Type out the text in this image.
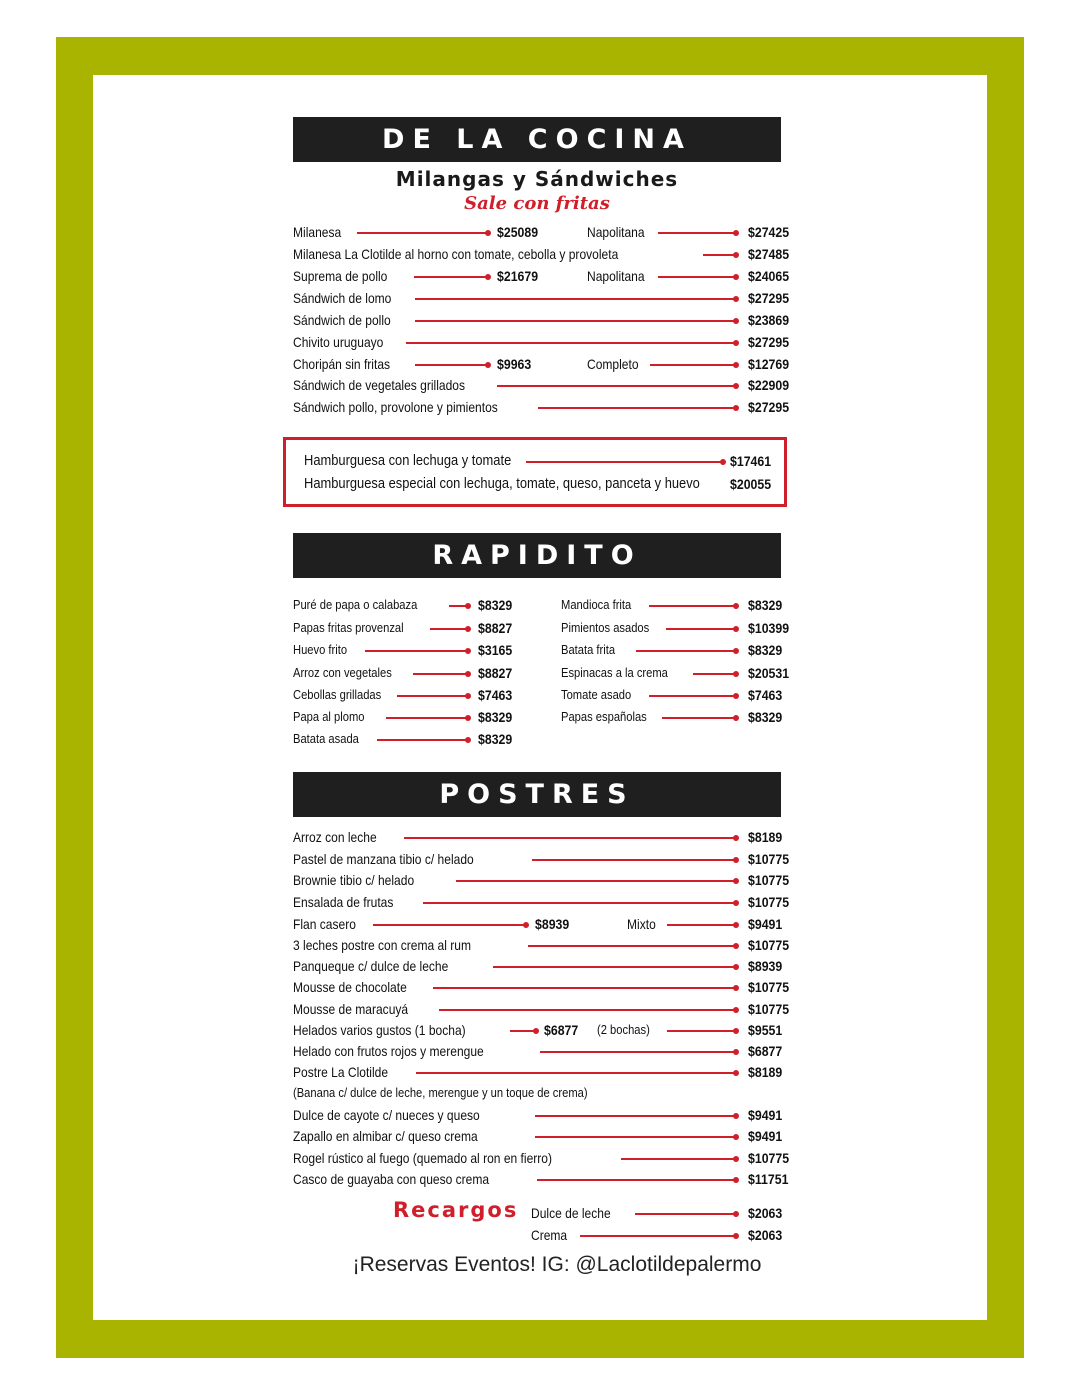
DE LA COCINA
Milangas y Sándwiches
Sale con fritas
Milanesa	$25089	Napolitana	$27425
Milanesa La Clotilde al horno con tomate, cebolla y provoleta	$27485
Suprema de pollo	$21679	Napolitana	$24065
Sándwich de lomo	$27295
Sándwich de pollo	$23869
Chivito uruguayo	$27295
Choripán sin fritas	$9963	Completo	$12769
Sándwich de vegetales grillados	$22909
Sándwich pollo, provolone y pimientos	$27295
Hamburguesa con lechuga y tomate	$17461
Hamburguesa especial con lechuga, tomate, queso, panceta y huevo $20055
RAPIDITO
Puré de papa o calabaza	$8329
Papas fritas provenzal	$8827
Huevo frito	$3165
Arroz con vegetales	$8827
Cebollas grilladas	$7463
Papa al plomo	$8329
Batata asada	$8329
Mandioca frita	$8329
Pimientos asados	$10399
Batata frita	$8329
Espinacas a la crema	$20531
Tomate asado	$7463
Papas españolas	$8329
POSTRES
Arroz con leche	$8189
Pastel de manzana tibio c/ helado	$10775
Brownie tibio c/ helado	$10775
Ensalada de frutas	$10775
Flan casero	$8939	Mixto	$9491
3 leches postre con crema al rum	$10775
Panqueque c/ dulce de leche	$8939
Mousse de chocolate	$10775
Mousse de maracuyá	$10775
Helados varios gustos (1 bocha)	$6877 (2 bochas)	$9551
Helado con frutos rojos y merengue	$6877
Postre La Clotilde	$8189
(Banana c/ dulce de leche, merengue y un toque de crema)
Dulce de cayote c/ nueces y queso	$9491
Zapallo en almibar c/ queso crema	$9491
Rogel rústico al fuego (quemado al ron en fierro)	$10775
Casco de guayaba con queso crema	$11751
Recargos Dulce de leche	$2063
Crema	$2063
¡Reservas Eventos! IG: @Laclotildepalermo
